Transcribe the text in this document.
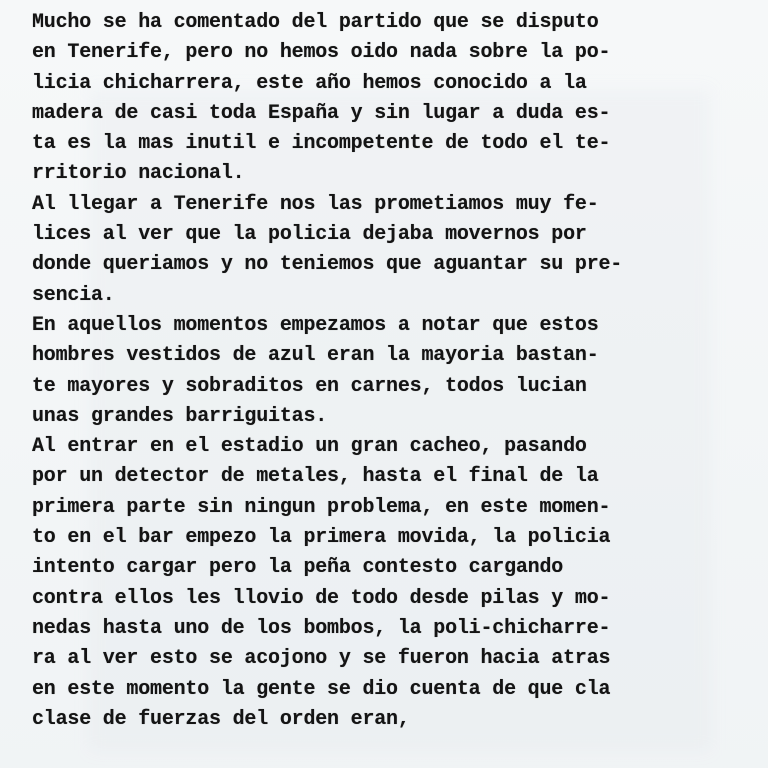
Mucho se ha comentado del partido que se disputo
en Tenerife, pero no hemos oido nada sobre la po-
licia chicharrera, este año hemos conocido a la
madera de casi toda España y sin lugar a duda es-
ta es la mas inutil e incompetente de todo el te-
rritorio nacional.
Al llegar a Tenerife nos las prometiamos muy fe-
lices al ver que la policia dejaba movernos por
donde queriamos y no teniemos que aguantar su pre-
sencia.
En aquellos momentos empezamos a notar que estos
hombres vestidos de azul eran la mayoria bastan-
te mayores y sobraditos en carnes, todos lucian
unas grandes barriguitas.
Al entrar en el estadio un gran cacheo, pasando
por un detector de metales, hasta el final de la
primera parte sin ningun problema, en este momen-
to en el bar empezo la primera movida, la policia
intento cargar pero la peña contesto cargando
contra ellos les llovio de todo desde pilas y mo-
nedas hasta uno de los bombos, la poli-chicharre-
ra al ver esto se acojono y se fueron hacia atras
en este momento la gente se dio cuenta de que cla
clase de fuerzas del orden eran,
